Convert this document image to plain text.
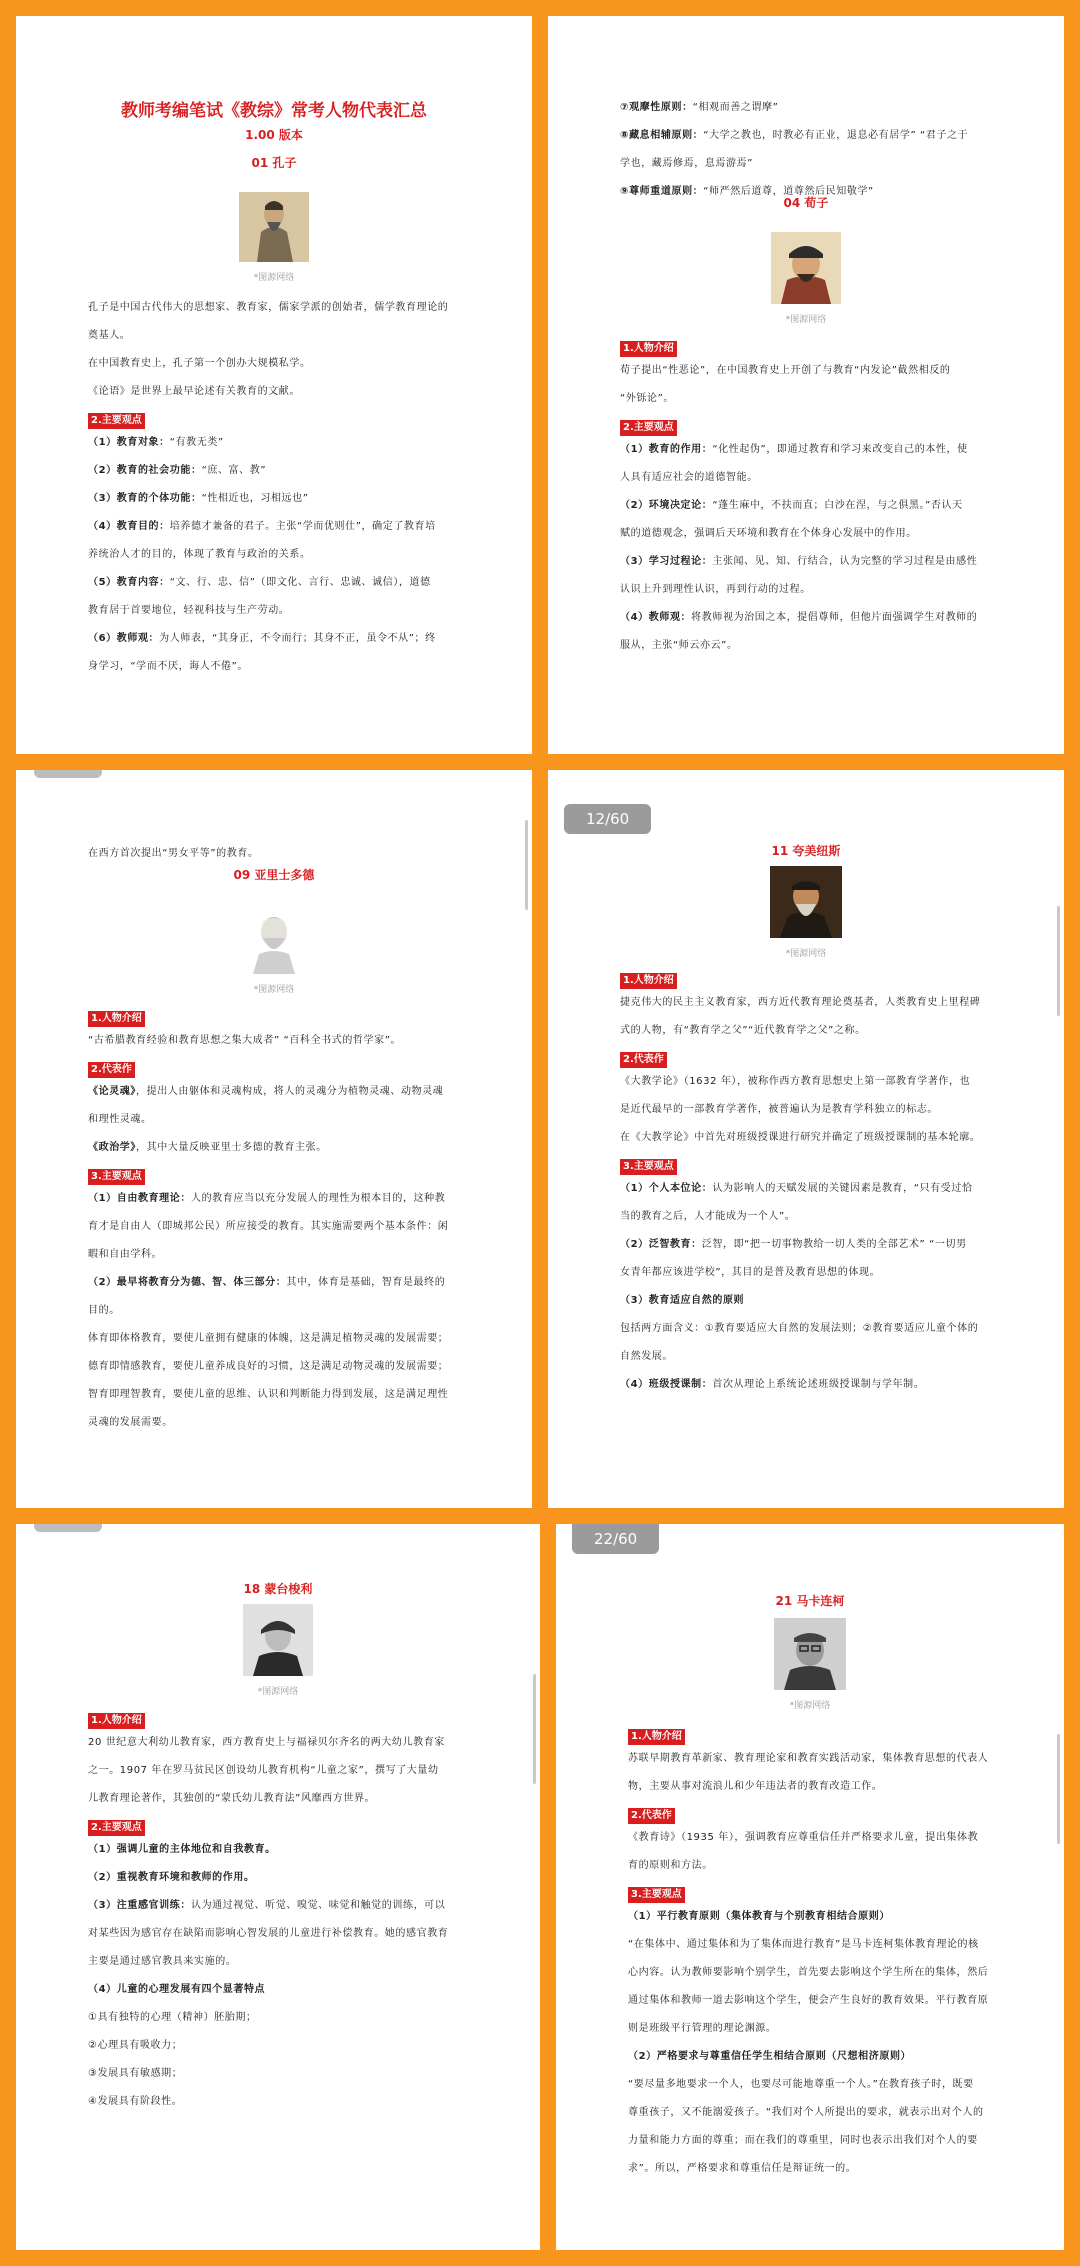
教师考编笔试《教综》常考人物代表汇总

1.00 版本

01 孔子

*图源网络

孔子是中国古代伟大的思想家、教育家，儒家学派的创始者，儒学教育理论的

奠基人。

在中国教育史上，孔子第一个创办大规模私学。

《论语》是世界上最早论述有关教育的文献。

2.主要观点

（1）教育对象：“有教无类”

（2）教育的社会功能：“庶、富、教”

（3）教育的个体功能：“性相近也，习相远也”

（4）教育目的：培养德才兼备的君子。主张“学而优则仕”，确定了教育培

养统治人才的目的，体现了教育与政治的关系。

（5）教育内容：“文、行、忠、信”（即文化、言行、忠诚、诚信），道德

教育居于首要地位，轻视科技与生产劳动。

（6）教师观：为人师表，“其身正，不令而行；其身不正，虽令不从”；终

身学习，“学而不厌，诲人不倦”。

⑦观摩性原则：“相观而善之谓摩”

⑧藏息相辅原则：“大学之教也，时教必有正业，退息必有居学” “君子之于

学也，藏焉修焉，息焉游焉”

⑨尊师重道原则：“师严然后道尊，道尊然后民知敬学”

04 荀子

*图源网络

1.人物介绍

荀子提出“性恶论”，在中国教育史上开创了与教育“内发论”截然相反的

“外铄论”。

2.主要观点

（1）教育的作用：“化性起伪”，即通过教育和学习来改变自己的本性，使

人具有适应社会的道德智能。

（2）环境决定论：“蓬生麻中，不扶而直；白沙在涅，与之俱黑。”否认天

赋的道德观念，强调后天环境和教育在个体身心发展中的作用。

（3）学习过程论：主张闻、见、知、行结合，认为完整的学习过程是由感性

认识上升到理性认识，再到行动的过程。

（4）教师观：将教师视为治国之本，提倡尊师，但他片面强调学生对教师的

服从，主张“师云亦云”。

在西方首次提出“男女平等”的教育。

09 亚里士多德

*图源网络

1.人物介绍

“古希腊教育经验和教育思想之集大成者” “百科全书式的哲学家”。

2.代表作

《论灵魂》，提出人由躯体和灵魂构成，将人的灵魂分为植物灵魂、动物灵魂

和理性灵魂。

《政治学》，其中大量反映亚里士多德的教育主张。

3.主要观点

（1）自由教育理论：人的教育应当以充分发展人的理性为根本目的，这种教

育才是自由人（即城邦公民）所应接受的教育。其实施需要两个基本条件：闲

暇和自由学科。

（2）最早将教育分为德、智、体三部分：其中，体育是基础，智育是最终的

目的。

体育即体格教育，要使儿童拥有健康的体魄，这是满足植物灵魂的发展需要；

德育即情感教育，要使儿童养成良好的习惯，这是满足动物灵魂的发展需要；

智育即理智教育，要使儿童的思维、认识和判断能力得到发展，这是满足理性

灵魂的发展需要。

12/60

11 夸美纽斯

*图源网络

1.人物介绍

捷克伟大的民主主义教育家，西方近代教育理论奠基者，人类教育史上里程碑

式的人物，有“教育学之父”“近代教育学之父”之称。

2.代表作

《大教学论》（1632 年），被称作西方教育思想史上第一部教育学著作，也

是近代最早的一部教育学著作，被普遍认为是教育学科独立的标志。

在《大教学论》中首先对班级授课进行研究并确定了班级授课制的基本轮廓。

3.主要观点

（1）个人本位论：认为影响人的天赋发展的关键因素是教育，“只有受过恰

当的教育之后，人才能成为一个人”。

（2）泛智教育：泛智，即“把一切事物教给一切人类的全部艺术” “一切男

女青年都应该进学校”，其目的是普及教育思想的体现。

（3）教育适应自然的原则

包括两方面含义：①教育要适应大自然的发展法则；②教育要适应儿童个体的

自然发展。

（4）班级授课制：首次从理论上系统论述班级授课制与学年制。

18 蒙台梭利

*图源网络

1.人物介绍

20 世纪意大利幼儿教育家，西方教育史上与福禄贝尔齐名的两大幼儿教育家

之一。1907 年在罗马贫民区创设幼儿教育机构“儿童之家”，撰写了大量幼

儿教育理论著作，其独创的“蒙氏幼儿教育法”风靡西方世界。

2.主要观点

（1）强调儿童的主体地位和自我教育。

（2）重视教育环境和教师的作用。

（3）注重感官训练：认为通过视觉、听觉、嗅觉、味觉和触觉的训练，可以

对某些因为感官存在缺陷而影响心智发展的儿童进行补偿教育。她的感官教育

主要是通过感官教具来实施的。

（4）儿童的心理发展有四个显著特点

①具有独特的心理（精神）胚胎期；

②心理具有吸收力；

③发展具有敏感期；

④发展具有阶段性。

22/60

21 马卡连柯

*图源网络

1.人物介绍

苏联早期教育革新家、教育理论家和教育实践活动家，集体教育思想的代表人

物，主要从事对流浪儿和少年违法者的教育改造工作。

2.代表作

《教育诗》（1935 年），强调教育应尊重信任并严格要求儿童，提出集体教

育的原则和方法。

3.主要观点

（1）平行教育原则（集体教育与个别教育相结合原则）

“在集体中、通过集体和为了集体而进行教育”是马卡连柯集体教育理论的核

心内容。认为教师要影响个别学生，首先要去影响这个学生所在的集体，然后

通过集体和教师一道去影响这个学生，便会产生良好的教育效果。平行教育原

则是班级平行管理的理论渊源。

（2）严格要求与尊重信任学生相结合原则（尺想相济原则）

“要尽量多地要求一个人，也要尽可能地尊重一个人。”在教育孩子时，既要

尊重孩子，又不能溺爱孩子。“我们对个人所提出的要求，就表示出对个人的

力量和能力方面的尊重；而在我们的尊重里，同时也表示出我们对个人的要

求”。所以，严格要求和尊重信任是辩证统一的。
